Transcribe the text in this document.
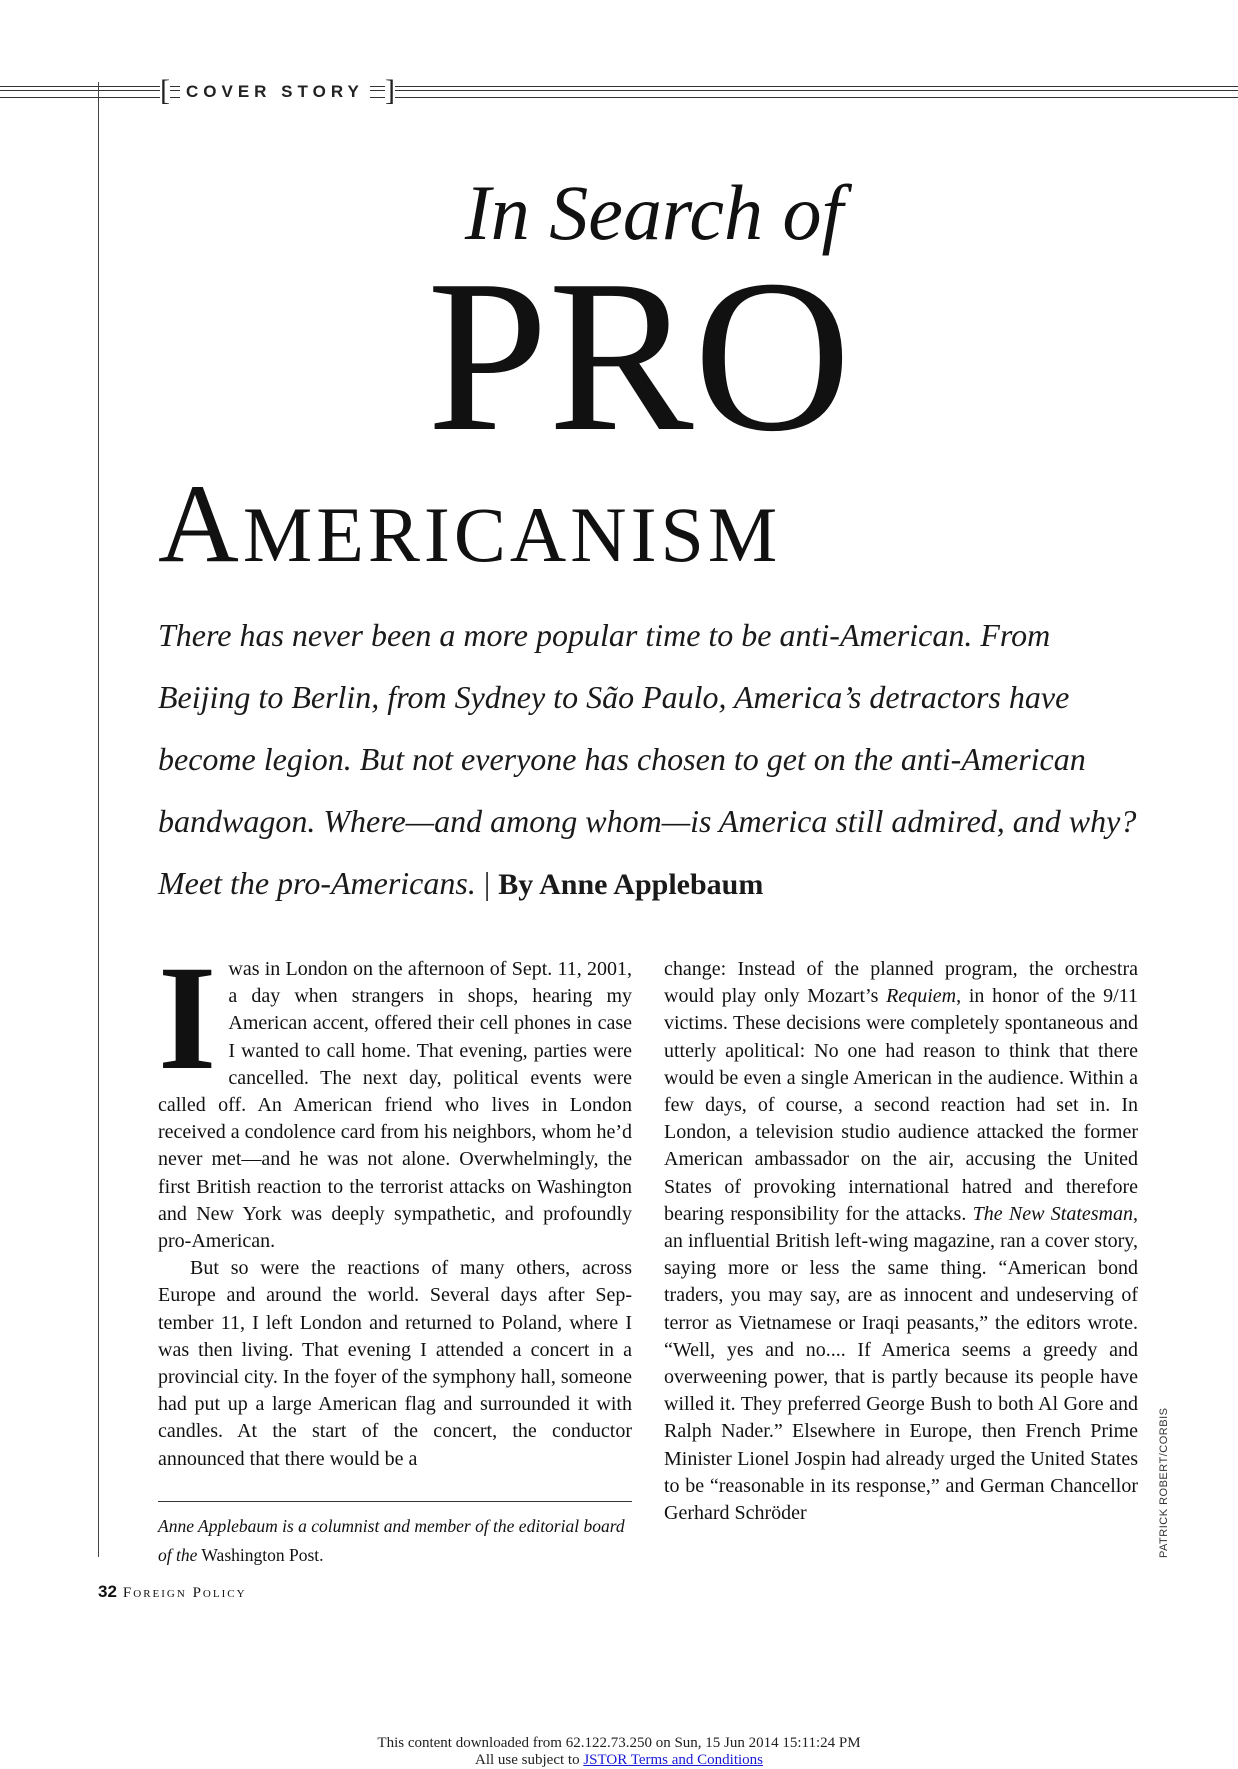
[ COVER STORY ]
In Search of
PRO
Americanism
There has never been a more popular time to be anti-American. From Beijing to Berlin, from Sydney to São Paulo, America’s detractors have become legion. But not everyone has chosen to get on the anti-American bandwagon. Where—and among whom—is America still admired, and why? Meet the pro-Americans. | By Anne Applebaum

Iwas in London on the afternoon of Sept. 11, 2001, a day when strangers in shops, hearing my American accent, offered their cell phones in case I wanted to call home. That evening, parties were cancelled. The next day, political events were called off. An American friend who lives in London received a condolence card from his neighbors, whom he’d never met—and he was not alone. Overwhelmingly, the first British reaction to the terrorist attacks on Washington and New York was deeply sympathetic, and profoundly pro-American.

But so were the reactions of many others, across Europe and around the world. Several days after September 11, I left London and returned to Poland, where I was then living. That evening I attended a concert in a provincial city. In the foyer of the symphony hall, someone had put up a large American flag and surrounded it with candles. At the start of the concert, the conductor announced that there would be a

change: Instead of the planned program, the orchestra would play only Mozart’s Requiem, in honor of the 9/11 victims. These decisions were completely spontaneous and utterly apolitical: No one had reason to think that there would be even a single American in the audience. Within a few days, of course, a second reaction had set in. In London, a television studio audience attacked the former American ambassador on the air, accusing the United States of provoking international hatred and therefore bearing responsibility for the attacks. The New Statesman, an influential British left-wing magazine, ran a cover story, saying more or less the same thing. “American bond traders, you may say, are as innocent and undeserving of terror as Vietnamese or Iraqi peasants,” the editors wrote. “Well, yes and no.... If America seems a greedy and overweening power, that is partly because its people have willed it. They preferred George Bush to both Al Gore and Ralph Nader.” Elsewhere in Europe, then French Prime Minister Lionel Jospin had already urged the United States to be “reasonable in its response,” and German Chancellor Gerhard Schröder

Anne Applebaum is a columnist and member of the editorial board of the Washington Post.	PATRICK ROBERT/CORBIS
32 Foreign Policy
This content downloaded from 62.122.73.250 on Sun, 15 Jun 2014 15:11:24 PM
All use subject to JSTOR Terms and Conditions
